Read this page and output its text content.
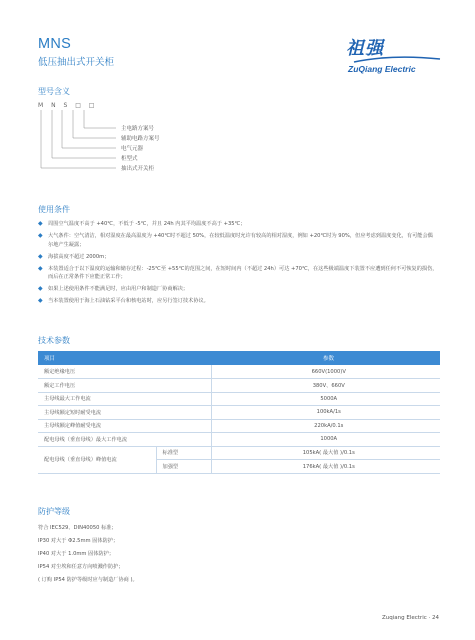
MNS
低压抽出式开关柜
祖强
ZuQiang Electric
型号含义
M N S □ □
主电路方案号
辅助电路方案号
电气元器
柜型式
抽出式开关柜
使用条件
◆ 周围空气温度不高于 +40℃，不低于 -5℃，并且 24h 内其平均温度不高于 +35℃；
◆ 大气条件：空气清洁，相对湿度在最高温度为 +40℃时不超过 50%，在较低温度时允许有较高的相对湿度，例如 +20℃时为 90%，但应考虑到温度变化，有可能会偶尔地产生凝露；
◆ 海拔高度不超过 2000m；
◆ 本装置适合于以下温度的运输和储存过程：-25℃至 +55℃的范围之间，在短时间内（不超过 24h）可达 +70℃，在这些极端温度下装置不应遭到任何不可恢复的损伤，而后在正常条件下应能正常工作；
◆ 如果上述使用条件不能满足时，应由用户和制造厂协商解决；
◆ 当本装置使用于海上石油钻采平台和核电站时，应另行签订技术协议。
技术参数
项目		参数
额定绝缘电压		660V(1000)V
额定工作电压		380V、660V
主母线最大工作电流		5000A
主母线额定短时耐受电流		100kA/1s
主母线额定峰值耐受电流		220kA/0.1s
配电母线（垂直母线）最大工作电流		1000A
配电母线（垂直母线）峰值电流	标准型	105kA( 最大值 )/0.1s
	加强型	176kA( 最大值 )/0.1s
防护等级
符合 IEC529、DIN40050 标准；
IP30 对大于 Φ2.5mm 固体防护；
IP40 对大于 1.0mm 固体防护；
IP54 对尘埃和任意方向喷溅作防护；
( 订购 IP54 防护等级时应与制造厂协商 )。
Zuqiang Electric · 24
